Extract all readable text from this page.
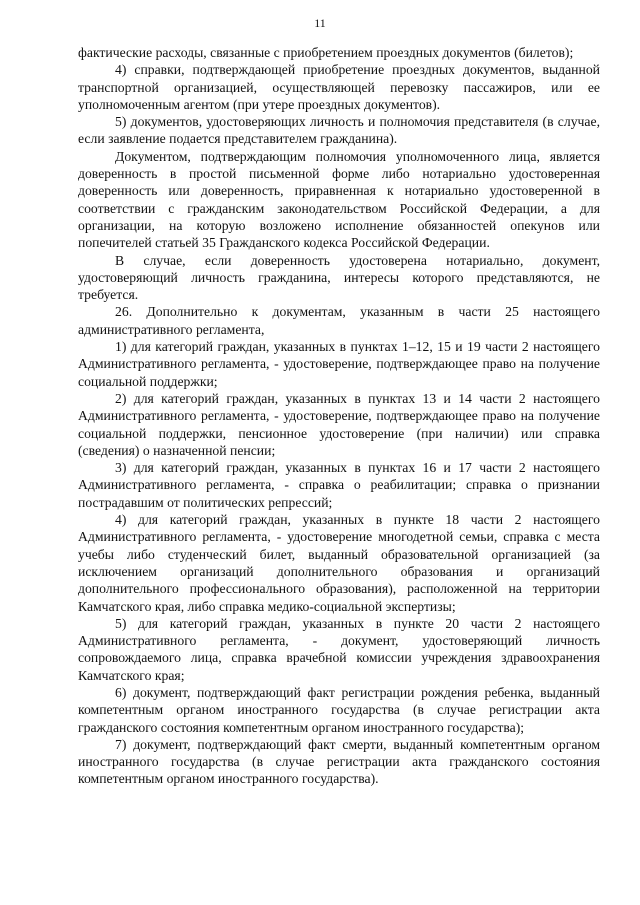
11

фактические расходы, связанные с приобретением проездных документов (билетов);

4) справки, подтверждающей приобретение проездных документов, выданной транспортной организацией, осуществляющей перевозку пассажиров, или ее уполномоченным агентом (при утере проездных документов).

5) документов, удостоверяющих личность и полномочия представителя (в случае, если заявление подается представителем гражданина).

Документом, подтверждающим полномочия уполномоченного лица, является доверенность в простой письменной форме либо нотариально удостоверенная доверенность или доверенность, приравненная к нотариально удостоверенной в соответствии с гражданским законодательством Российской Федерации, а для организации, на которую возложено исполнение обязанностей опекунов или попечителей статьей 35 Гражданского кодекса Российской Федерации.

В случае, если доверенность удостоверена нотариально, документ, удостоверяющий личность гражданина, интересы которого представляются, не требуется.

26. Дополнительно к документам, указанным в части 25 настоящего административного регламента,

1) для категорий граждан, указанных в пунктах 1–12, 15 и 19 части 2 настоящего Административного регламента, - удостоверение, подтверждающее право на получение социальной поддержки;

2) для категорий граждан, указанных в пунктах 13 и 14 части 2 настоящего Административного регламента, - удостоверение, подтверждающее право на получение социальной поддержки, пенсионное удостоверение (при наличии) или справка (сведения) о назначенной пенсии;

3) для категорий граждан, указанных в пунктах 16 и 17 части 2 настоящего Административного регламента, - справка о реабилитации; справка о признании пострадавшим от политических репрессий;

4) для категорий граждан, указанных в пункте 18 части 2 настоящего Административного регламента, - удостоверение многодетной семьи, справка с места учебы либо студенческий билет, выданный образовательной организацией (за исключением организаций дополнительного образования и организаций дополнительного профессионального образования), расположенной на территории Камчатского края, либо справка медико-социальной экспертизы;

5) для категорий граждан, указанных в пункте 20 части 2 настоящего Административного регламента, - документ, удостоверяющий личность сопровождаемого лица, справка врачебной комиссии учреждения здравоохранения Камчатского края;

6) документ, подтверждающий факт регистрации рождения ребенка, выданный компетентным органом иностранного государства (в случае регистрации акта гражданского состояния компетентным органом иностранного государства);

7) документ, подтверждающий факт смерти, выданный компетентным органом иностранного государства (в случае регистрации акта гражданского состояния компетентным органом иностранного государства).
